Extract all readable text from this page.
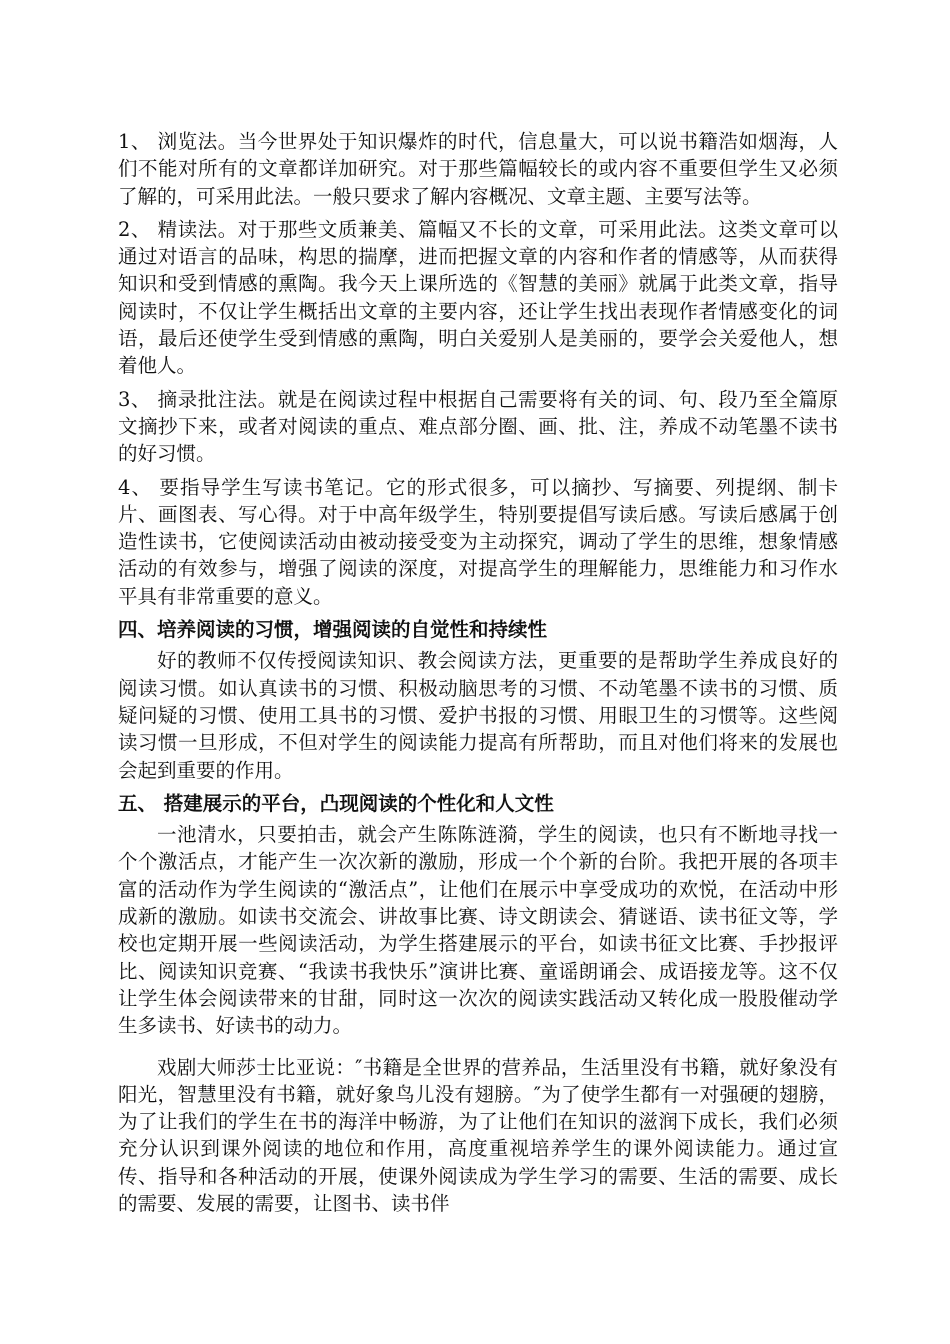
1、 浏览法。当今世界处于知识爆炸的时代，信息量大，可以说书籍浩如烟海，人们不能对所有的文章都详加研究。对于那些篇幅较长的或内容不重要但学生又必须了解的，可采用此法。一般只要求了解内容概况、文章主题、主要写法等。

2、 精读法。对于那些文质兼美、篇幅又不长的文章，可采用此法。这类文章可以通过对语言的品味，构思的揣摩，进而把握文章的内容和作者的情感等，从而获得知识和受到情感的熏陶。我今天上课所选的《智慧的美丽》就属于此类文章，指导阅读时，不仅让学生概括出文章的主要内容，还让学生找出表现作者情感变化的词语，最后还使学生受到情感的熏陶，明白关爱别人是美丽的，要学会关爱他人，想着他人。

3、 摘录批注法。就是在阅读过程中根据自己需要将有关的词、句、段乃至全篇原文摘抄下来，或者对阅读的重点、难点部分圈、画、批、注，养成不动笔墨不读书的好习惯。

4、 要指导学生写读书笔记。它的形式很多，可以摘抄、写摘要、列提纲、制卡片、画图表、写心得。对于中高年级学生，特别要提倡写读后感。写读后感属于创造性读书，它使阅读活动由被动接受变为主动探究，调动了学生的思维，想象情感活动的有效参与，增强了阅读的深度，对提高学生的理解能力，思维能力和习作水平具有非常重要的意义。

四、培养阅读的习惯，增强阅读的自觉性和持续性

好的教师不仅传授阅读知识、教会阅读方法，更重要的是帮助学生养成良好的阅读习惯。如认真读书的习惯、积极动脑思考的习惯、不动笔墨不读书的习惯、质疑问疑的习惯、使用工具书的习惯、爱护书报的习惯、用眼卫生的习惯等。这些阅读习惯一旦形成，不但对学生的阅读能力提高有所帮助，而且对他们将来的发展也会起到重要的作用。

五、 搭建展示的平台，凸现阅读的个性化和人文性

一池清水，只要拍击，就会产生陈陈涟漪，学生的阅读，也只有不断地寻找一个个激活点，才能产生一次次新的激励，形成一个个新的台阶。我把开展的各项丰富的活动作为学生阅读的“激活点”，让他们在展示中享受成功的欢悦，在活动中形成新的激励。如读书交流会、讲故事比赛、诗文朗读会、猜谜语、读书征文等，学校也定期开展一些阅读活动，为学生搭建展示的平台，如读书征文比赛、手抄报评比、阅读知识竞赛、“我读书我快乐”演讲比赛、童谣朗诵会、成语接龙等。这不仅让学生体会阅读带来的甘甜，同时这一次次的阅读实践活动又转化成一股股催动学生多读书、好读书的动力。

戏剧大师莎士比亚说：″书籍是全世界的营养品，生活里没有书籍，就好象没有阳光，智慧里没有书籍，就好象鸟儿没有翅膀。″为了使学生都有一对强硬的翅膀，为了让我们的学生在书的海洋中畅游，为了让他们在知识的滋润下成长，我们必须充分认识到课外阅读的地位和作用，高度重视培养学生的课外阅读能力。通过宣传、指导和各种活动的开展，使课外阅读成为学生学习的需要、生活的需要、成长的需要、发展的需要，让图书、读书伴
